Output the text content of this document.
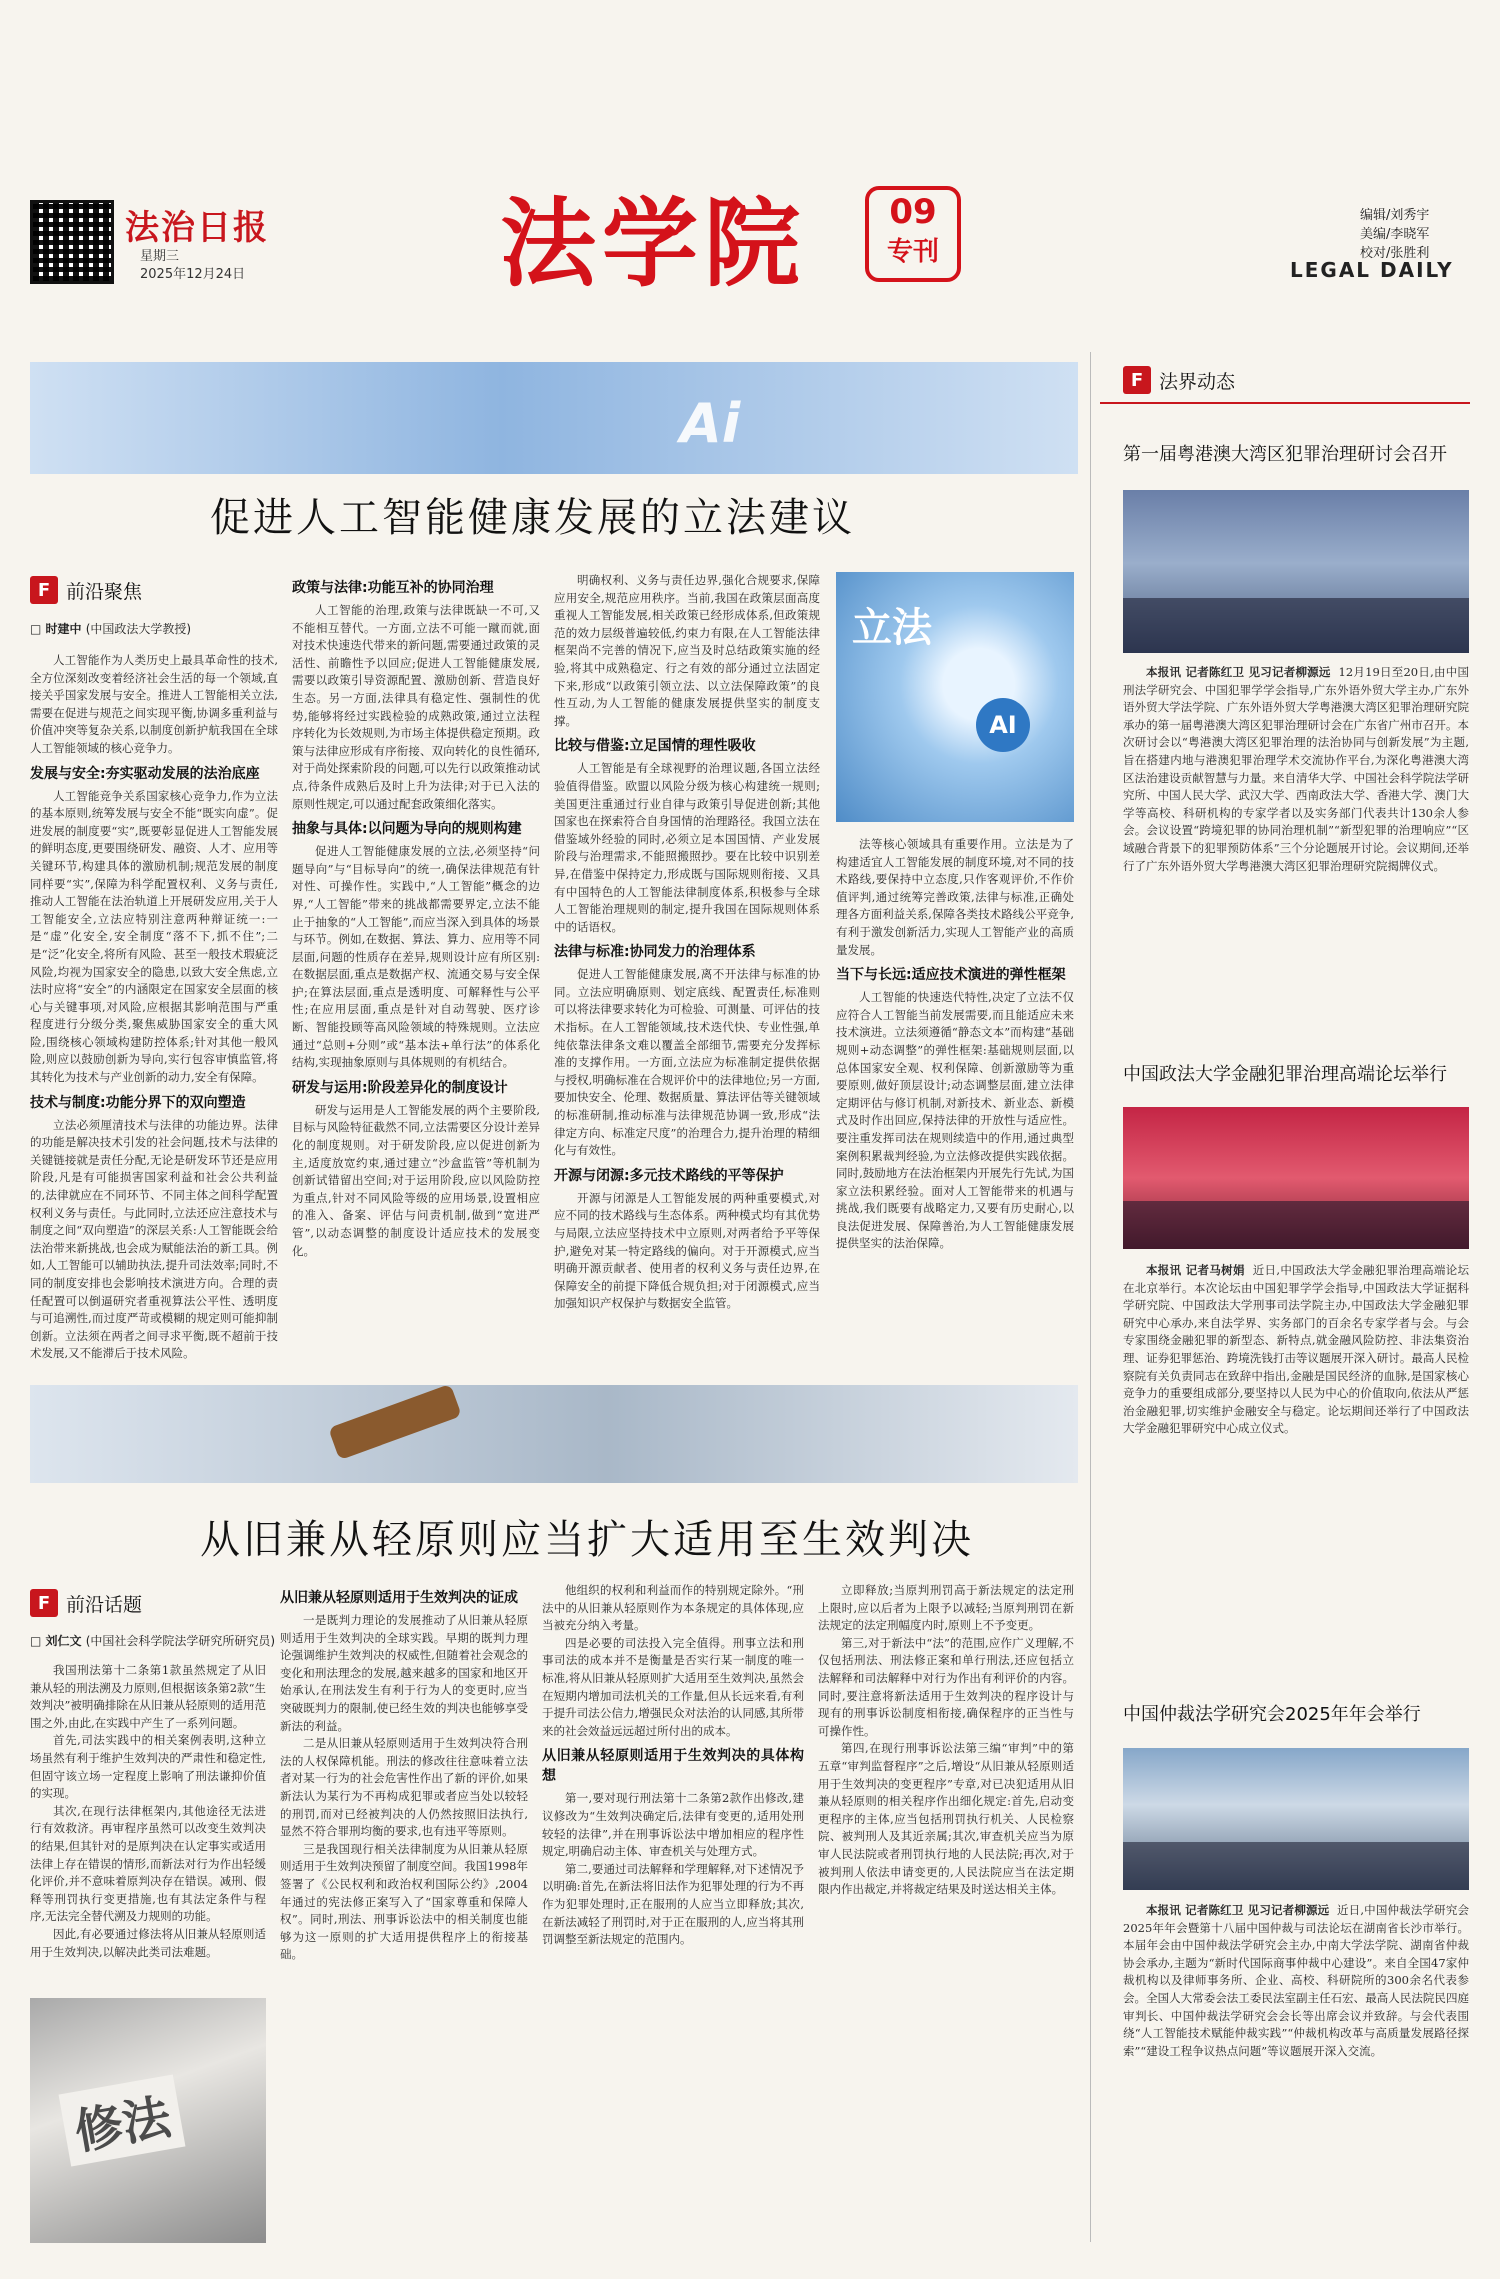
法治日报
星期三
2025年12月24日	法学院	09
专刊
编辑/刘秀宇
美编/李晓军
校对/张胜利
LEGAL DAILY
Ai
促进人工智能健康发展的立法建议
F 前沿聚焦
□ 时建中 (中国政法大学教授)

人工智能作为人类历史上最具革命性的技术,全方位深刻改变着经济社会生活的每一个领域,直接关乎国家发展与安全。推进人工智能相关立法,需要在促进与规范之间实现平衡,协调多重利益与价值冲突等复杂关系,以制度创新护航我国在全球人工智能领域的核心竞争力。

发展与安全:夯实驱动发展的法治底座

人工智能竞争关系国家核心竞争力,作为立法的基本原则,统筹发展与安全不能“既实向虚”。促进发展的制度要“实”,既要彰显促进人工智能发展的鲜明态度,更要围绕研发、融资、人才、应用等关键环节,构建具体的激励机制;规范发展的制度同样要“实”,保障为科学配置权利、义务与责任,推动人工智能在法治轨道上开展研发应用,关于人工智能安全,立法应特别注意两种辩证统一:一是“虚”化安全,安全制度“落不下,抓不住”;二是“泛”化安全,将所有风险、甚至一般技术瑕疵泛风险,均视为国家安全的隐患,以致大安全焦虑,立法时应将“安全”的内涵限定在国家安全层面的核心与关键事项,对风险,应根据其影响范围与严重程度进行分级分类,聚焦威胁国家安全的重大风险,围绕核心领域构建防控体系;针对其他一般风险,则应以鼓励创新为导向,实行包容审慎监管,将其转化为技术与产业创新的动力,安全有保障。

技术与制度:功能分界下的双向塑造

立法必须厘清技术与法律的功能边界。法律的功能是解决技术引发的社会问题,技术与法律的关键链接就是责任分配,无论是研发环节还是应用阶段,凡是有可能损害国家利益和社会公共利益的,法律就应在不同环节、不同主体之间科学配置权利义务与责任。与此同时,立法还应注意技术与制度之间“双向塑造”的深层关系:人工智能既会给法治带来新挑战,也会成为赋能法治的新工具。例如,人工智能可以辅助执法,提升司法效率;同时,不同的制度安排也会影响技术演进方向。合理的责任配置可以倒逼研究者重视算法公平性、透明度与可追溯性,而过度严苛或模糊的规定则可能抑制创新。立法须在两者之间寻求平衡,既不超前于技术发展,又不能滞后于技术风险。

政策与法律:功能互补的协同治理

人工智能的治理,政策与法律既缺一不可,又不能相互替代。一方面,立法不可能一蹴而就,面对技术快速迭代带来的新问题,需要通过政策的灵活性、前瞻性予以回应;促进人工智能健康发展,需要以政策引导资源配置、激励创新、营造良好生态。另一方面,法律具有稳定性、强制性的优势,能够将经过实践检验的成熟政策,通过立法程序转化为长效规则,为市场主体提供稳定预期。政策与法律应形成有序衔接、双向转化的良性循环,对于尚处探索阶段的问题,可以先行以政策推动试点,待条件成熟后及时上升为法律;对于已入法的原则性规定,可以通过配套政策细化落实。

抽象与具体:以问题为导向的规则构建

促进人工智能健康发展的立法,必须坚持“问题导向”与“目标导向”的统一,确保法律规范有针对性、可操作性。实践中,“人工智能”概念的边界,“人工智能”带来的挑战都需要界定,立法不能止于抽象的“人工智能”,而应当深入到具体的场景与环节。例如,在数据、算法、算力、应用等不同层面,问题的性质存在差异,规则设计应有所区别:在数据层面,重点是数据产权、流通交易与安全保护;在算法层面,重点是透明度、可解释性与公平性;在应用层面,重点是针对自动驾驶、医疗诊断、智能投顾等高风险领域的特殊规则。立法应通过“总则+分则”或“基本法+单行法”的体系化结构,实现抽象原则与具体规则的有机结合。

研发与运用:阶段差异化的制度设计

研发与运用是人工智能发展的两个主要阶段,目标与风险特征截然不同,立法需要区分设计差异化的制度规则。对于研发阶段,应以促进创新为主,适度放宽约束,通过建立“沙盒监管”等机制为创新试错留出空间;对于运用阶段,应以风险防控为重点,针对不同风险等级的应用场景,设置相应的准入、备案、评估与问责机制,做到“宽进严管”,以动态调整的制度设计适应技术的发展变化。

明确权利、义务与责任边界,强化合规要求,保障应用安全,规范应用秩序。当前,我国在政策层面高度重视人工智能发展,相关政策已经形成体系,但政策规范的效力层级普遍较低,约束力有限,在人工智能法律框架尚不完善的情况下,应当及时总结政策实施的经验,将其中成熟稳定、行之有效的部分通过立法固定下来,形成“以政策引领立法、以立法保障政策”的良性互动,为人工智能的健康发展提供坚实的制度支撑。

比较与借鉴:立足国情的理性吸收

人工智能是有全球视野的治理议题,各国立法经验值得借鉴。欧盟以风险分级为核心构建统一规则;美国更注重通过行业自律与政策引导促进创新;其他国家也在探索符合自身国情的治理路径。我国立法在借鉴域外经验的同时,必须立足本国国情、产业发展阶段与治理需求,不能照搬照抄。要在比较中识别差异,在借鉴中保持定力,形成既与国际规则衔接、又具有中国特色的人工智能法律制度体系,积极参与全球人工智能治理规则的制定,提升我国在国际规则体系中的话语权。

法律与标准:协同发力的治理体系

促进人工智能健康发展,离不开法律与标准的协同。立法应明确原则、划定底线、配置责任,标准则可以将法律要求转化为可检验、可测量、可评估的技术指标。在人工智能领域,技术迭代快、专业性强,单纯依靠法律条文难以覆盖全部细节,需要充分发挥标准的支撑作用。一方面,立法应为标准制定提供依据与授权,明确标准在合规评价中的法律地位;另一方面,要加快安全、伦理、数据质量、算法评估等关键领域的标准研制,推动标准与法律规范协调一致,形成“法律定方向、标准定尺度”的治理合力,提升治理的精细化与有效性。

开源与闭源:多元技术路线的平等保护

开源与闭源是人工智能发展的两种重要模式,对应不同的技术路线与生态体系。两种模式均有其优势与局限,立法应坚持技术中立原则,对两者给予平等保护,避免对某一特定路线的偏向。对于开源模式,应当明确开源贡献者、使用者的权利义务与责任边界,在保障安全的前提下降低合规负担;对于闭源模式,应当加强知识产权保护与数据安全监管。

立法
AI

法等核心领域具有重要作用。立法是为了构建适宜人工智能发展的制度环境,对不同的技术路线,要保持中立态度,只作客观评价,不作价值评判,通过统筹完善政策,法律与标准,正确处理各方面利益关系,保障各类技术路线公平竞争,有利于激发创新活力,实现人工智能产业的高质量发展。

当下与长远:适应技术演进的弹性框架

人工智能的快速迭代特性,决定了立法不仅应符合人工智能当前发展需要,而且能适应未来技术演进。立法须遵循“静态文本”而构建“基础规则+动态调整”的弹性框架:基础规则层面,以总体国家安全观、权利保障、创新激励等为重要原则,做好顶层设计;动态调整层面,建立法律定期评估与修订机制,对新技术、新业态、新模式及时作出回应,保持法律的开放性与适应性。要注重发挥司法在规则续造中的作用,通过典型案例积累裁判经验,为立法修改提供实践依据。同时,鼓励地方在法治框架内开展先行先试,为国家立法积累经验。面对人工智能带来的机遇与挑战,我们既要有战略定力,又要有历史耐心,以良法促进发展、保障善治,为人工智能健康发展提供坚实的法治保障。

从旧兼从轻原则应当扩大适用至生效判决
F 前沿话题
□ 刘仁文 (中国社会科学院法学研究所研究员)

我国刑法第十二条第1款虽然规定了从旧兼从轻的刑法溯及力原则,但根据该条第2款“生效判决”被明确排除在从旧兼从轻原则的适用范围之外,由此,在实践中产生了一系列问题。

首先,司法实践中的相关案例表明,这种立场虽然有利于维护生效判决的严肃性和稳定性,但固守该立场一定程度上影响了刑法谦抑价值的实现。

其次,在现行法律框架内,其他途径无法进行有效救济。再审程序虽然可以改变生效判决的结果,但其针对的是原判决在认定事实或适用法律上存在错误的情形,而新法对行为作出轻缓化评价,并不意味着原判决存在错误。减刑、假释等刑罚执行变更措施,也有其法定条件与程序,无法完全替代溯及力规则的功能。

因此,有必要通过修法将从旧兼从轻原则适用于生效判决,以解决此类司法难题。

修法
从旧兼从轻原则适用于生效判决的证成

一是既判力理论的发展推动了从旧兼从轻原则适用于生效判决的全球实践。早期的既判力理论强调维护生效判决的权威性,但随着社会观念的变化和刑法理念的发展,越来越多的国家和地区开始承认,在刑法发生有利于行为人的变更时,应当突破既判力的限制,使已经生效的判决也能够享受新法的利益。

二是从旧兼从轻原则适用于生效判决符合刑法的人权保障机能。刑法的修改往往意味着立法者对某一行为的社会危害性作出了新的评价,如果新法认为某行为不再构成犯罪或者应当处以较轻的刑罚,而对已经被判决的人仍然按照旧法执行,显然不符合罪刑均衡的要求,也有违平等原则。

三是我国现行相关法律制度为从旧兼从轻原则适用于生效判决预留了制度空间。我国1998年签署了《公民权利和政治权利国际公约》,2004年通过的宪法修正案写入了“国家尊重和保障人权”。同时,刑法、刑事诉讼法中的相关制度也能够为这一原则的扩大适用提供程序上的衔接基础。

他组织的权利和利益而作的特别规定除外。“刑法中的从旧兼从轻原则作为本条规定的具体体现,应当被充分纳入考量。

四是必要的司法投入完全值得。刑事立法和刑事司法的成本并不是衡量是否实行某一制度的唯一标准,将从旧兼从轻原则扩大适用至生效判决,虽然会在短期内增加司法机关的工作量,但从长远来看,有利于提升司法公信力,增强民众对法治的认同感,其所带来的社会效益远远超过所付出的成本。

从旧兼从轻原则适用于生效判决的具体构想

第一,要对现行刑法第十二条第2款作出修改,建议修改为“生效判决确定后,法律有变更的,适用处刑较轻的法律”,并在刑事诉讼法中增加相应的程序性规定,明确启动主体、审查机关与处理方式。

第二,要通过司法解释和学理解释,对下述情况予以明确:首先,在新法将旧法作为犯罪处理的行为不再作为犯罪处理时,正在服刑的人应当立即释放;其次,在新法减轻了刑罚时,对于正在服刑的人,应当将其刑罚调整至新法规定的范围内。

立即释放;当原判刑罚高于新法规定的法定刑上限时,应以后者为上限予以减轻;当原判刑罚在新法规定的法定刑幅度内时,原则上不予变更。

第三,对于新法中“法”的范围,应作广义理解,不仅包括刑法、刑法修正案和单行刑法,还应包括立法解释和司法解释中对行为作出有利评价的内容。同时,要注意将新法适用于生效判决的程序设计与现有的刑事诉讼制度相衔接,确保程序的正当性与可操作性。

第四,在现行刑事诉讼法第三编“审判”中的第五章“审判监督程序”之后,增设“从旧兼从轻原则适用于生效判决的变更程序”专章,对已决犯适用从旧兼从轻原则的相关程序作出细化规定:首先,启动变更程序的主体,应当包括刑罚执行机关、人民检察院、被判刑人及其近亲属;其次,审查机关应当为原审人民法院或者刑罚执行地的人民法院;再次,对于被判刑人依法申请变更的,人民法院应当在法定期限内作出裁定,并将裁定结果及时送达相关主体。

F 法界动态
第一届粤港澳大湾区犯罪治理研讨会召开

本报讯 记者陈红卫 见习记者柳源远 12月19日至20日,由中国刑法学研究会、中国犯罪学学会指导,广东外语外贸大学主办,广东外语外贸大学法学院、广东外语外贸大学粤港澳大湾区犯罪治理研究院承办的第一届粤港澳大湾区犯罪治理研讨会在广东省广州市召开。本次研讨会以“粤港澳大湾区犯罪治理的法治协同与创新发展”为主题,旨在搭建内地与港澳犯罪治理学术交流协作平台,为深化粤港澳大湾区法治建设贡献智慧与力量。来自清华大学、中国社会科学院法学研究所、中国人民大学、武汉大学、西南政法大学、香港大学、澳门大学等高校、科研机构的专家学者以及实务部门代表共计130余人参会。会议设置“跨境犯罪的协同治理机制”“新型犯罪的治理响应”“区域融合背景下的犯罪预防体系”三个分论题展开讨论。会议期间,还举行了广东外语外贸大学粤港澳大湾区犯罪治理研究院揭牌仪式。

中国政法大学金融犯罪治理高端论坛举行

本报讯 记者马树娟 近日,中国政法大学金融犯罪治理高端论坛在北京举行。本次论坛由中国犯罪学学会指导,中国政法大学证据科学研究院、中国政法大学刑事司法学院主办,中国政法大学金融犯罪研究中心承办,来自法学界、实务部门的百余名专家学者与会。与会专家围绕金融犯罪的新型态、新特点,就金融风险防控、非法集资治理、证券犯罪惩治、跨境洗钱打击等议题展开深入研讨。最高人民检察院有关负责同志在致辞中指出,金融是国民经济的血脉,是国家核心竞争力的重要组成部分,要坚持以人民为中心的价值取向,依法从严惩治金融犯罪,切实维护金融安全与稳定。论坛期间还举行了中国政法大学金融犯罪研究中心成立仪式。

中国仲裁法学研究会2025年年会举行

本报讯 记者陈红卫 见习记者柳源远 近日,中国仲裁法学研究会2025年年会暨第十八届中国仲裁与司法论坛在湖南省长沙市举行。本届年会由中国仲裁法学研究会主办,中南大学法学院、湖南省仲裁协会承办,主题为“新时代国际商事仲裁中心建设”。来自全国47家仲裁机构以及律师事务所、企业、高校、科研院所的300余名代表参会。全国人大常委会法工委民法室副主任石宏、最高人民法院民四庭审判长、中国仲裁法学研究会会长等出席会议并致辞。与会代表围绕“人工智能技术赋能仲裁实践”“仲裁机构改革与高质量发展路径探索”“建设工程争议热点问题”等议题展开深入交流。
